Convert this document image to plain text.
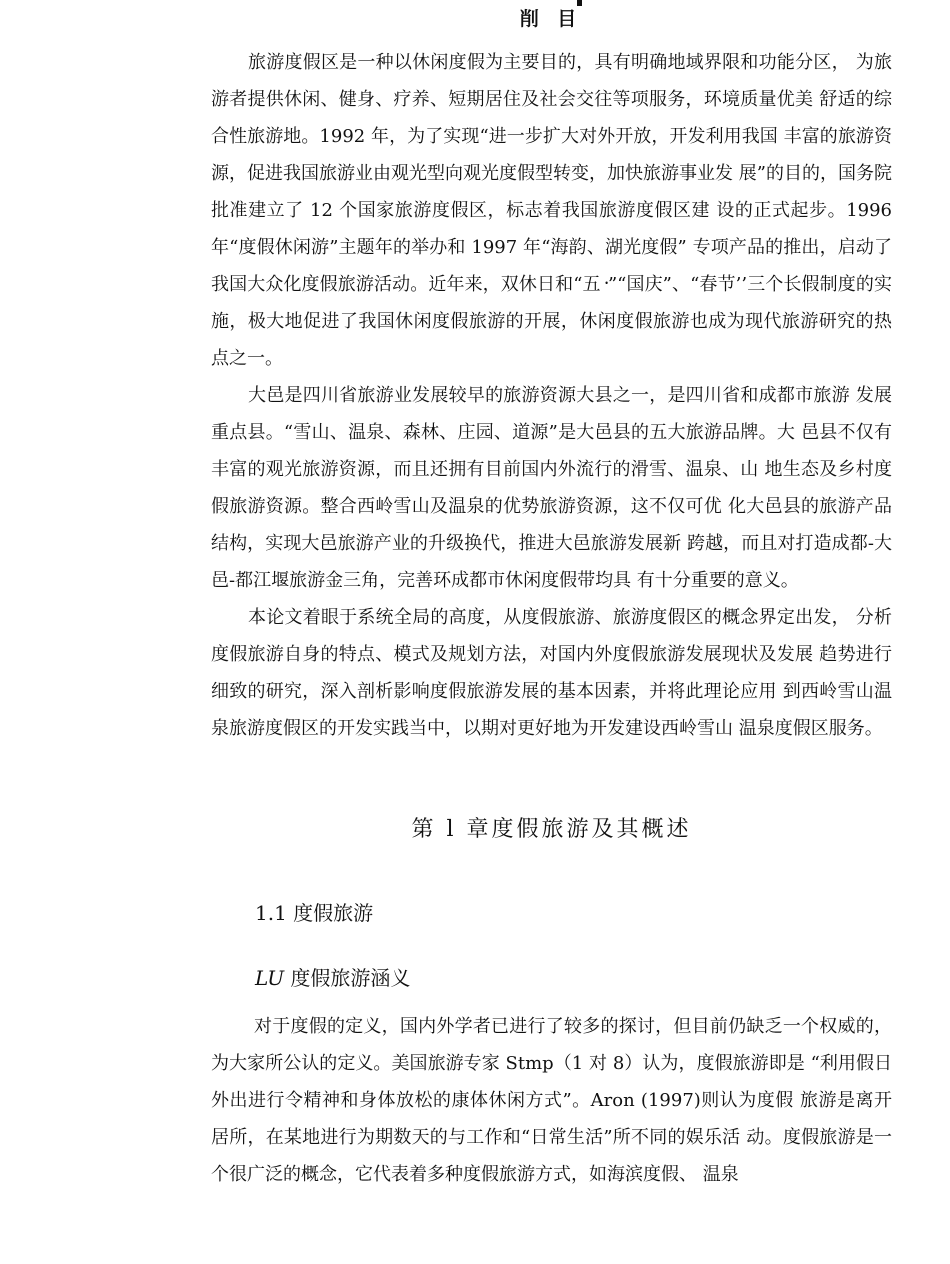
削 目

旅游度假区是一种以休闲度假为主要目的，具有明确地域界限和功能分区， 为旅游者提供休闲、健身、疗养、短期居住及社会交往等项服务，环境质量优美 舒适的综合性旅游地。1992 年，为了实现“进一步扩大对外开放，开发利用我国 丰富的旅游资源，促进我国旅游业由观光型向观光度假型转变，加快旅游事业发 展”的目的，国务院批准建立了 12 个国家旅游度假区，标志着我国旅游度假区建 设的正式起步。1996 年“度假休闲游”主题年的举办和 1997 年“海韵、湖光度假” 专项产品的推出，启动了我国大众化度假旅游活动。近年来，双休日和“五᠂”“国庆”、“春节’’三个长假制度的实施，极大地促进了我国休闲度假旅游的开展，休闲度假旅游也成为现代旅游研究的热点之一。

大邑是四川省旅游业发展较早的旅游资源大县之一，是四川省和成都市旅游 发展重点县。“雪山、温泉、森林、庄园、道源”是大邑县的五大旅游品牌。大 邑县不仅有丰富的观光旅游资源，而且还拥有目前国内外流行的滑雪、温泉、山 地生态及乡村度假旅游资源。整合西岭雪山及温泉的优势旅游资源，这不仅可优 化大邑县的旅游产品结构，实现大邑旅游产业的升级换代，推进大邑旅游发展新 跨越，而且对打造成都-大邑-都江堰旅游金三角，完善环成都市休闲度假带均具 有十分重要的意义。

本论文着眼于系统全局的高度，从度假旅游、旅游度假区的概念界定出发， 分析度假旅游自身的特点、模式及规划方法，对国内外度假旅游发展现状及发展 趋势进行细致的研究，深入剖析影响度假旅游发展的基本因素，并将此理论应用 到西岭雪山温泉旅游度假区的开发实践当中，以期对更好地为开发建设西岭雪山 温泉度假区服务。

第 l 章度假旅游及其概述
1.1 度假旅游
LU 度假旅游涵义

对于度假的定义，国内外学者已进行了较多的探讨，但目前仍缺乏一个权威的，为大家所公认的定义。美国旅游专家 Stmp（1 对 8）认为，度假旅游即是 “利用假日外出进行令精神和身体放松的康体休闲方式”。Aron (1997)则认为度假 旅游是离开居所，在某地进行为期数天的与工作和“日常生活”所不同的娱乐活 动。度假旅游是一个很广泛的概念，它代表着多种度假旅游方式，如海滨度假、 温泉
